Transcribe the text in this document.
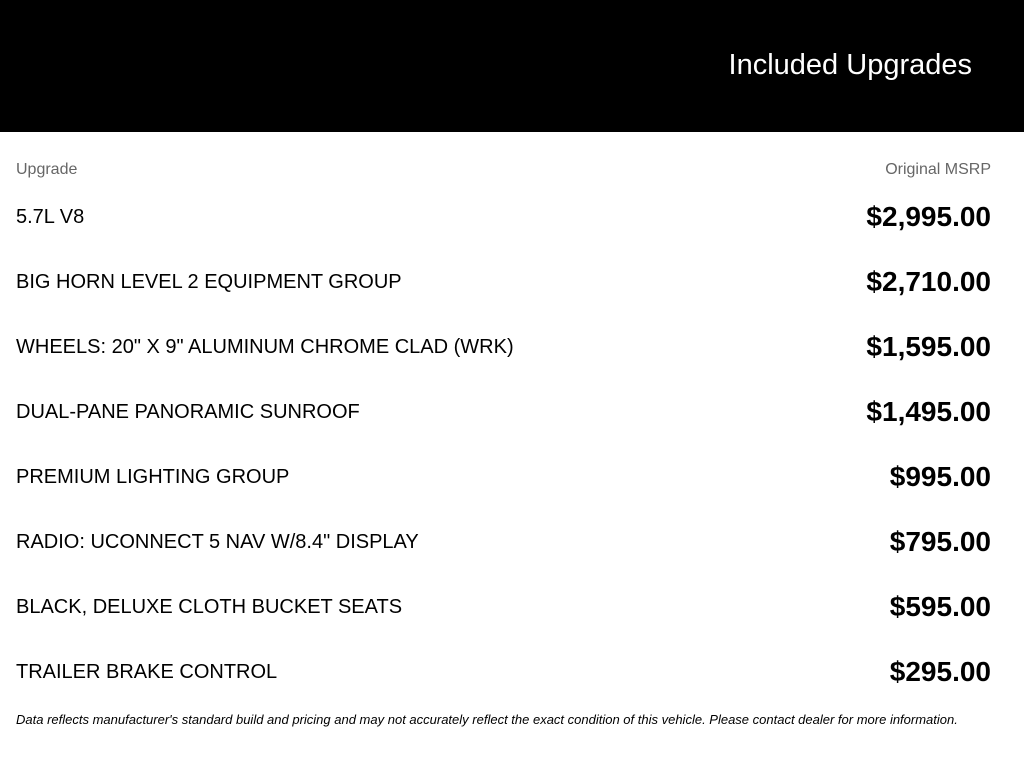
Included Upgrades
Upgrade	Original MSRP
5.7L V8	$2,995.00
BIG HORN LEVEL 2 EQUIPMENT GROUP	$2,710.00
WHEELS: 20" X 9" ALUMINUM CHROME CLAD (WRK)	$1,595.00
DUAL-PANE PANORAMIC SUNROOF	$1,495.00
PREMIUM LIGHTING GROUP	$995.00
RADIO: UCONNECT 5 NAV W/8.4" DISPLAY	$795.00
BLACK, DELUXE CLOTH BUCKET SEATS	$595.00
TRAILER BRAKE CONTROL	$295.00
Data reflects manufacturer's standard build and pricing and may not accurately reflect the exact condition of this vehicle. Please contact dealer for more information.
